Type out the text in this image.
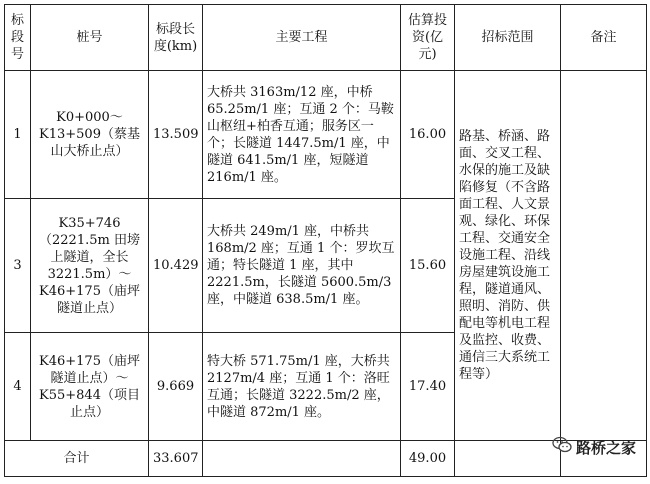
标段号	桩号	标段长度(km)	主要工程	估算投资(亿元)	招标范围	备注
1	K0+000～K13+509（蔡基山大桥止点）	13.509	大桥共 3163m/12 座，中桥 65.25m/1 座；互通 2 个：马鞍山枢纽+柏香互通；服务区一个；长隧道 1447.5m/1 座，中隧道 641.5m/1 座，短隧道 216m/1 座。	16.00	路基、桥涵、路面、交叉工程、水保的施工及缺陷修复（不含路面工程、人文景观、绿化、环保工程、交通安全设施工程、沿线房屋建筑设施工程，隧道通风、照明、消防、供配电等机电工程及监控、收费、通信三大系统工程等）	
3	K35+746（2221.5m 田塝上隧道，全长 3221.5m）～K46+175（庙坪隧道止点）	10.429	大桥共 249m/1 座，中桥共 168m/2 座；互通 1 个：罗坎互通；特长隧道 1 座，其中 2221.5m，长隧道 5600.5m/3 座，中隧道 638.5m/1 座。	15.60		
4	K46+175（庙坪隧道止点）～K55+844（项目止点）	9.669	特大桥 571.75m/1 座，大桥共 2127m/4 座；互通 1 个：洛旺互通；长隧道 3222.5m/2 座，中隧道 872m/1 座。	17.40		
合计		33.607		49.00		
路桥之家
